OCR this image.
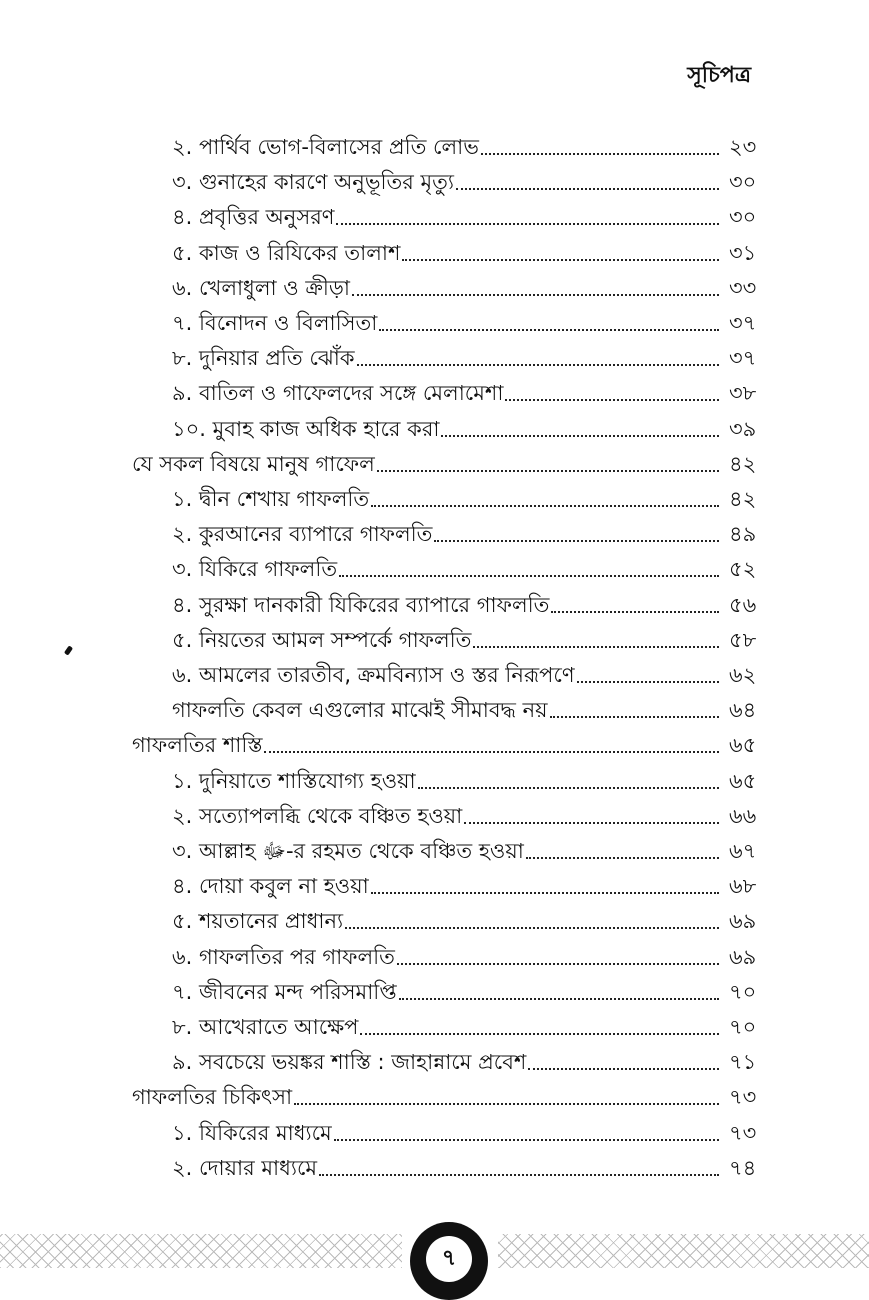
সূচিপত্র
২. পার্থিব ভোগ-বিলাসের প্রতি লোভ	২৩
৩. গুনাহের কারণে অনুভূতির মৃত্যু	৩০
৪. প্রবৃত্তির অনুসরণ	৩০
৫. কাজ ও রিযিকের তালাশ	৩১
৬. খেলাধুলা ও ক্রীড়া	৩৩
৭. বিনোদন ও বিলাসিতা	৩৭
৮. দুনিয়ার প্রতি ঝোঁক	৩৭
৯. বাতিল ও গাফেলদের সঙ্গে মেলামেশা	৩৮
১০. মুবাহ কাজ অধিক হারে করা	৩৯
যে সকল বিষয়ে মানুষ গাফেল	৪২
১. দ্বীন শেখায় গাফলতি	৪২
২. কুরআনের ব্যাপারে গাফলতি	৪৯
৩. যিকিরে গাফলতি	৫২
৪. সুরক্ষা দানকারী যিকিরের ব্যাপারে গাফলতি	৫৬
৫. নিয়তের আমল সম্পর্কে গাফলতি	৫৮
৬. আমলের তারতীব, ক্রমবিন্যাস ও স্তর নিরূপণে	৬২
গাফলতি কেবল এগুলোর মাঝেই সীমাবদ্ধ নয়	৬৪
গাফলতির শাস্তি	৬৫
১. দুনিয়াতে শাস্তিযোগ্য হওয়া	৬৫
২. সত্যোপলব্ধি থেকে বঞ্চিত হওয়া	৬৬
৩. আল্লাহ ﷻ-র রহমত থেকে বঞ্চিত হওয়া	৬৭
৪. দোয়া কবুল না হওয়া	৬৮
৫. শয়তানের প্রাধান্য	৬৯
৬. গাফলতির পর গাফলতি	৬৯
৭. জীবনের মন্দ পরিসমাপ্তি	৭০
৮. আখেরাতে আক্ষেপ	৭০
৯. সবচেয়ে ভয়ঙ্কর শাস্তি : জাহান্নামে প্রবেশ	৭১
গাফলতির চিকিৎসা	৭৩
১. যিকিরের মাধ্যমে	৭৩
২. দোয়ার মাধ্যমে	৭৪
৭
